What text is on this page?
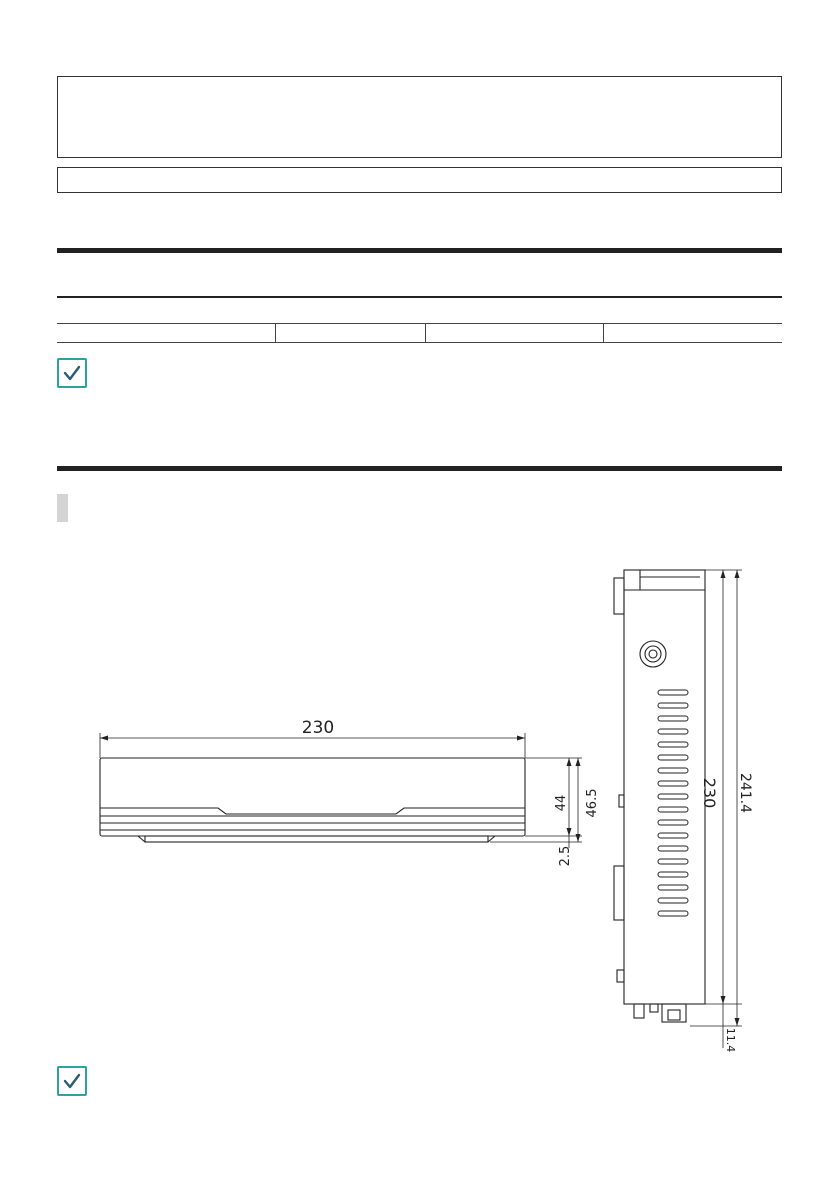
230
44 46.5
2.5
230 241.4
11.4
